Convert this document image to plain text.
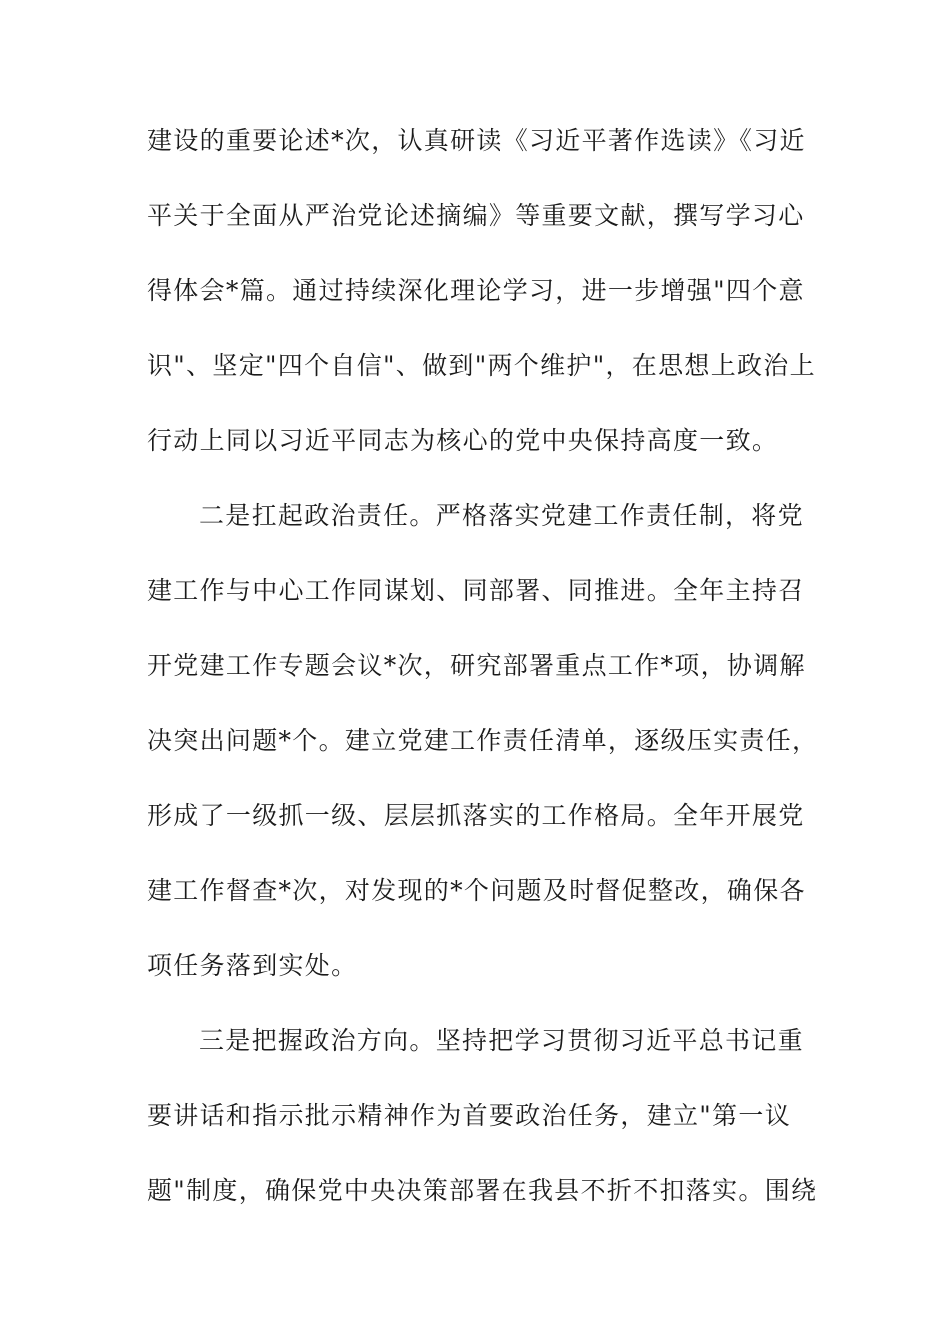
建设的重要论述*次，认真研读《习近平著作选读》《习近
平关于全面从严治党论述摘编》等重要文献，撰写学习心
得体会*篇。通过持续深化理论学习，进一步增强"四个意
识"、坚定"四个自信"、做到"两个维护"，在思想上政治上
行动上同以习近平同志为核心的党中央保持高度一致。
二是扛起政治责任。严格落实党建工作责任制，将党
建工作与中心工作同谋划、同部署、同推进。全年主持召
开党建工作专题会议*次，研究部署重点工作*项，协调解
决突出问题*个。建立党建工作责任清单，逐级压实责任，
形成了一级抓一级、层层抓落实的工作格局。全年开展党
建工作督查*次，对发现的*个问题及时督促整改，确保各
项任务落到实处。
三是把握政治方向。坚持把学习贯彻习近平总书记重
要讲话和指示批示精神作为首要政治任务，建立"第一议
题"制度，确保党中央决策部署在我县不折不扣落实。围绕
